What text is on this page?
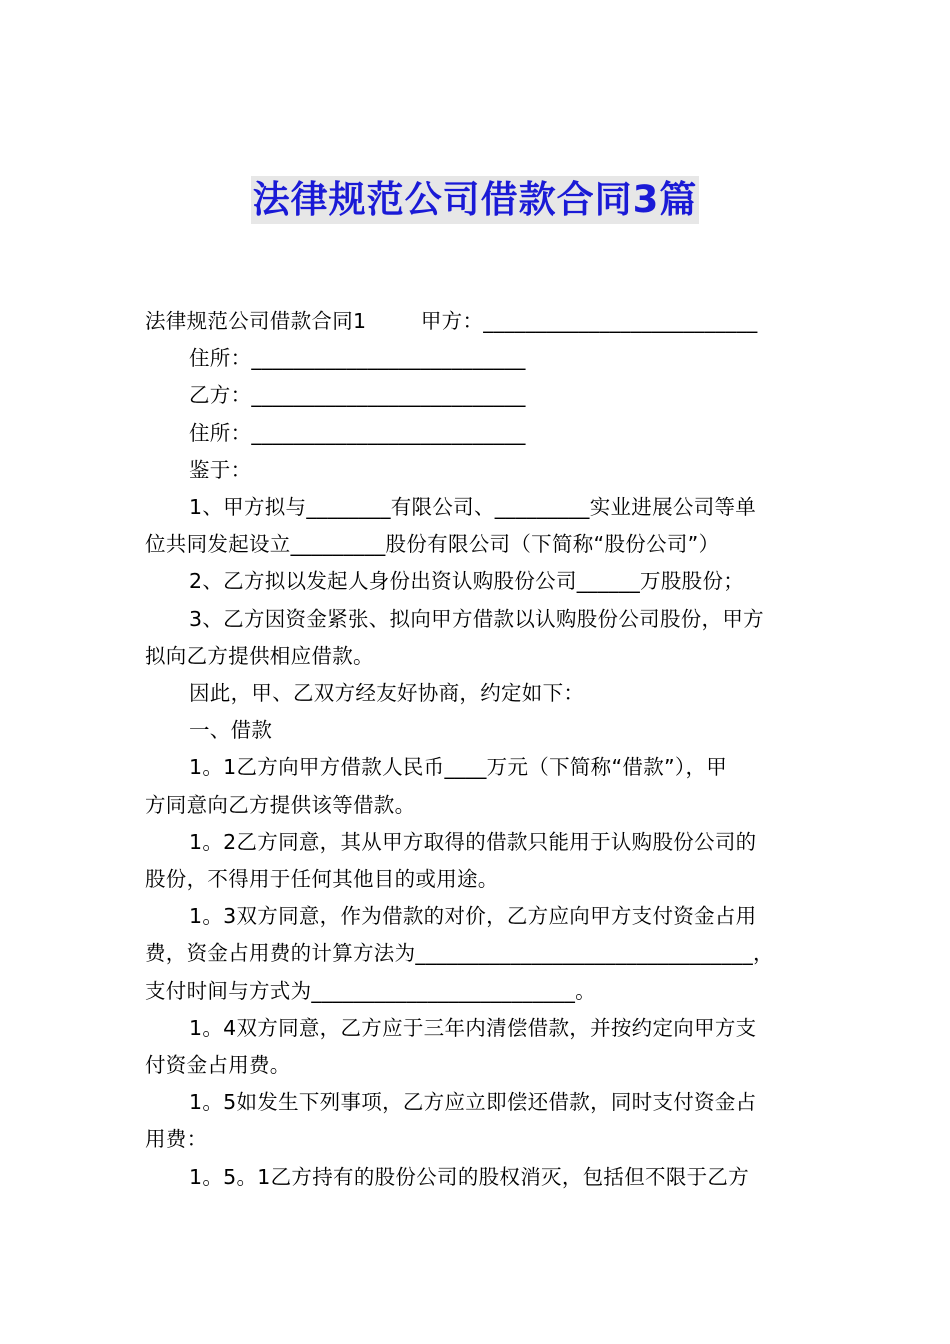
法律规范公司借款合同3篇

法律规范公司借款合同1        甲方：__________________________

住所：__________________________

乙方：__________________________

住所：__________________________

鉴于：

1、甲方拟与________有限公司、_________实业进展公司等单

位共同发起设立_________股份有限公司（下简称“股份公司”）

2、乙方拟以发起人身份出资认购股份公司______万股股份；

3、乙方因资金紧张、拟向甲方借款以认购股份公司股份，甲方

拟向乙方提供相应借款。

因此，甲、乙双方经友好协商，约定如下：

一、借款

1。1乙方向甲方借款人民币____万元（下简称“借款”），甲

方同意向乙方提供该等借款。

1。2乙方同意，其从甲方取得的借款只能用于认购股份公司的

股份，不得用于任何其他目的或用途。

1。3双方同意，作为借款的对价，乙方应向甲方支付资金占用

费，资金占用费的计算方法为________________________________，

支付时间与方式为_________________________。

1。4双方同意，乙方应于三年内清偿借款，并按约定向甲方支

付资金占用费。

1。5如发生下列事项，乙方应立即偿还借款，同时支付资金占

用费：

1。5。1乙方持有的股份公司的股权消灭，包括但不限于乙方
